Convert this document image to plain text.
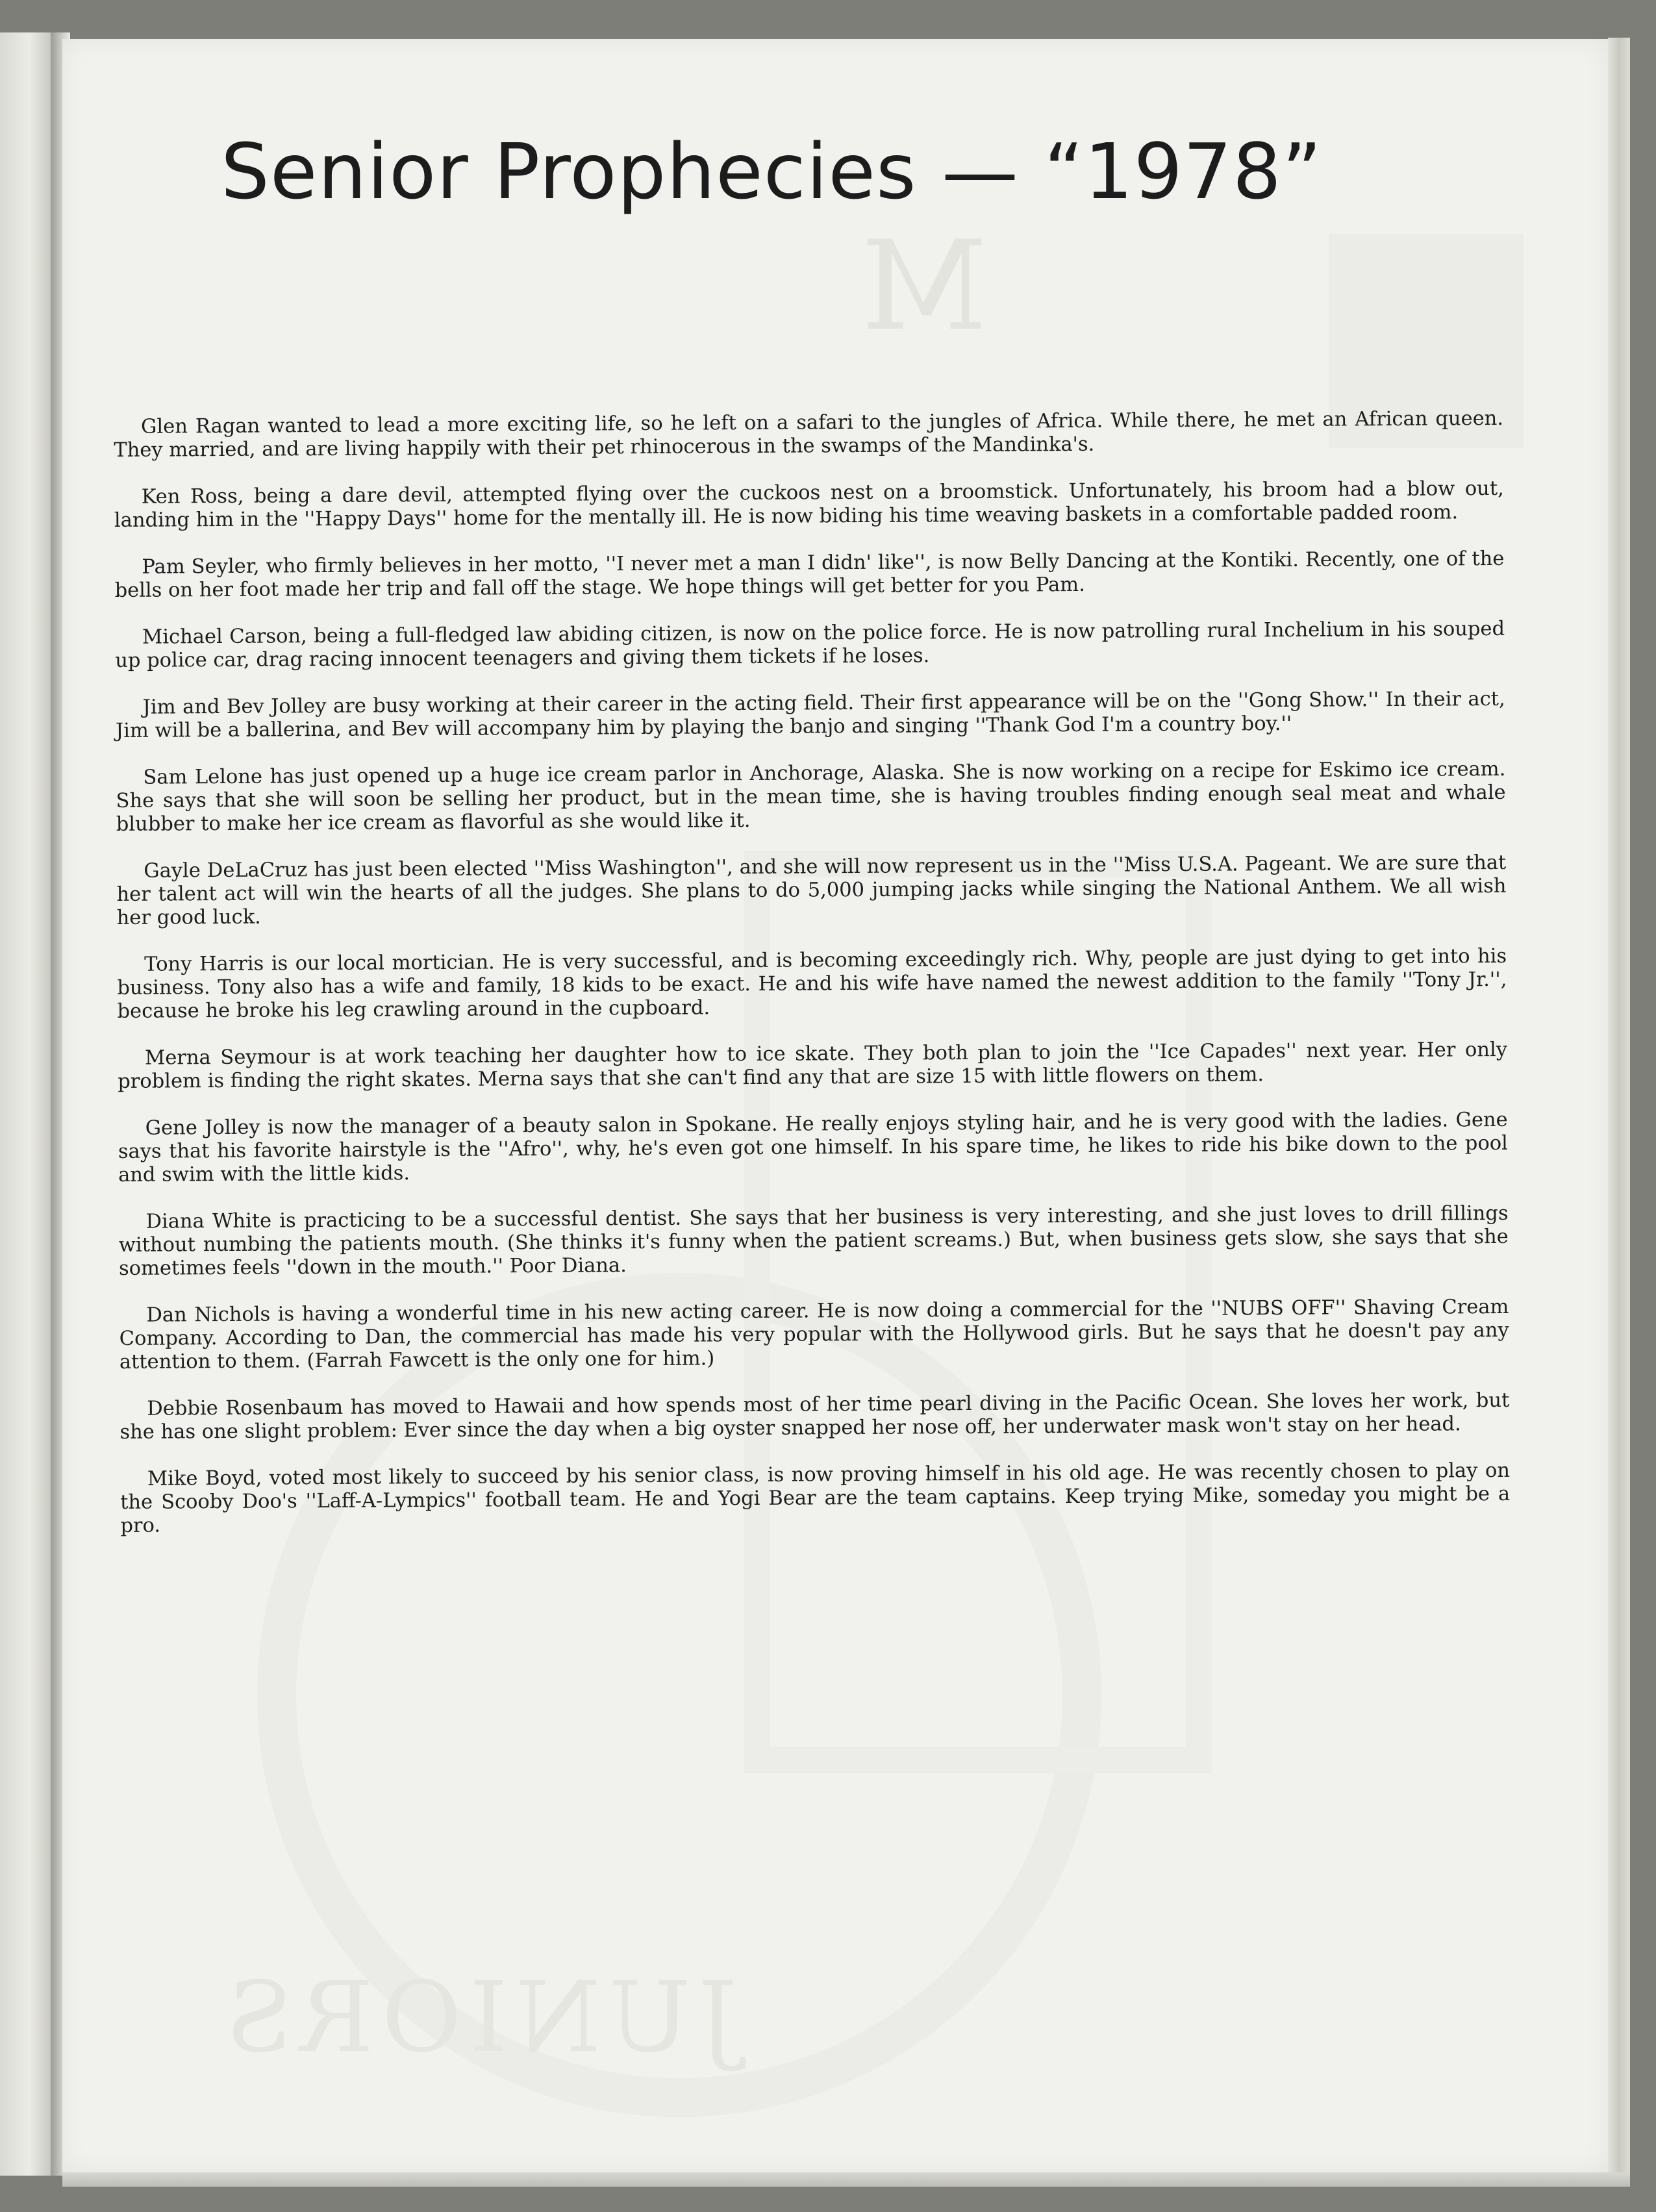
M
JUNIORS
Senior Prophecies — “1978”

Glen Ragan wanted to lead a more exciting life, so he left on a safari to the jungles of Africa. While there, he met an African queen. They married, and are living happily with their pet rhinocerous in the swamps of the Mandinka's.

Ken Ross, being a dare devil, attempted flying over the cuckoos nest on a broomstick. Unfortunately, his broom had a blow out, landing him in the ''Happy Days'' home for the mentally ill. He is now biding his time weaving baskets in a comfortable padded room.

Pam Seyler, who firmly believes in her motto, ''I never met a man I didn' like'', is now Belly Dancing at the Kontiki. Recently, one of the bells on her foot made her trip and fall off the stage. We hope things will get better for you Pam.

Michael Carson, being a full-fledged law abiding citizen, is now on the police force. He is now patrolling rural Inchelium in his souped up police car, drag racing innocent teenagers and giving them tickets if he loses.

Jim and Bev Jolley are busy working at their career in the acting field. Their first appearance will be on the ''Gong Show.'' In their act, Jim will be a ballerina, and Bev will accompany him by playing the banjo and singing ''Thank God I'm a country boy.''

Sam Lelone has just opened up a huge ice cream parlor in Anchorage, Alaska. She is now working on a recipe for Eskimo ice cream. She says that she will soon be selling her product, but in the mean time, she is having troubles finding enough seal meat and whale blubber to make her ice cream as flavorful as she would like it.

Gayle DeLaCruz has just been elected ''Miss Washington'', and she will now represent us in the ''Miss U.S.A. Pageant. We are sure that her talent act will win the hearts of all the judges. She plans to do 5,000 jumping jacks while singing the National Anthem. We all wish her good luck.

Tony Harris is our local mortician. He is very successful, and is becoming exceedingly rich. Why, people are just dying to get into his business. Tony also has a wife and family, 18 kids to be exact. He and his wife have named the newest addition to the family ''Tony Jr.'', because he broke his leg crawling around in the cupboard.

Merna Seymour is at work teaching her daughter how to ice skate. They both plan to join the ''Ice Capades'' next year. Her only problem is finding the right skates. Merna says that she can't find any that are size 15 with little flowers on them.

Gene Jolley is now the manager of a beauty salon in Spokane. He really enjoys styling hair, and he is very good with the ladies. Gene says that his favorite hairstyle is the ''Afro'', why, he's even got one himself. In his spare time, he likes to ride his bike down to the pool and swim with the little kids.

Diana White is practicing to be a successful dentist. She says that her business is very interesting, and she just loves to drill fillings without numbing the patients mouth. (She thinks it's funny when the patient screams.) But, when business gets slow, she says that she sometimes feels ''down in the mouth.'' Poor Diana.

Dan Nichols is having a wonderful time in his new acting career. He is now doing a commercial for the ''NUBS OFF'' Shaving Cream Company. According to Dan, the commercial has made his very popular with the Hollywood girls. But he says that he doesn't pay any attention to them. (Farrah Fawcett is the only one for him.)

Debbie Rosenbaum has moved to Hawaii and how spends most of her time pearl diving in the Pacific Ocean. She loves her work, but she has one slight problem: Ever since the day when a big oyster snapped her nose off, her underwater mask won't stay on her head.

Mike Boyd, voted most likely to succeed by his senior class, is now proving himself in his old age. He was recently chosen to play on the Scooby Doo's ''Laff-A-Lympics'' football team. He and Yogi Bear are the team captains. Keep trying Mike, someday you might be a pro.
